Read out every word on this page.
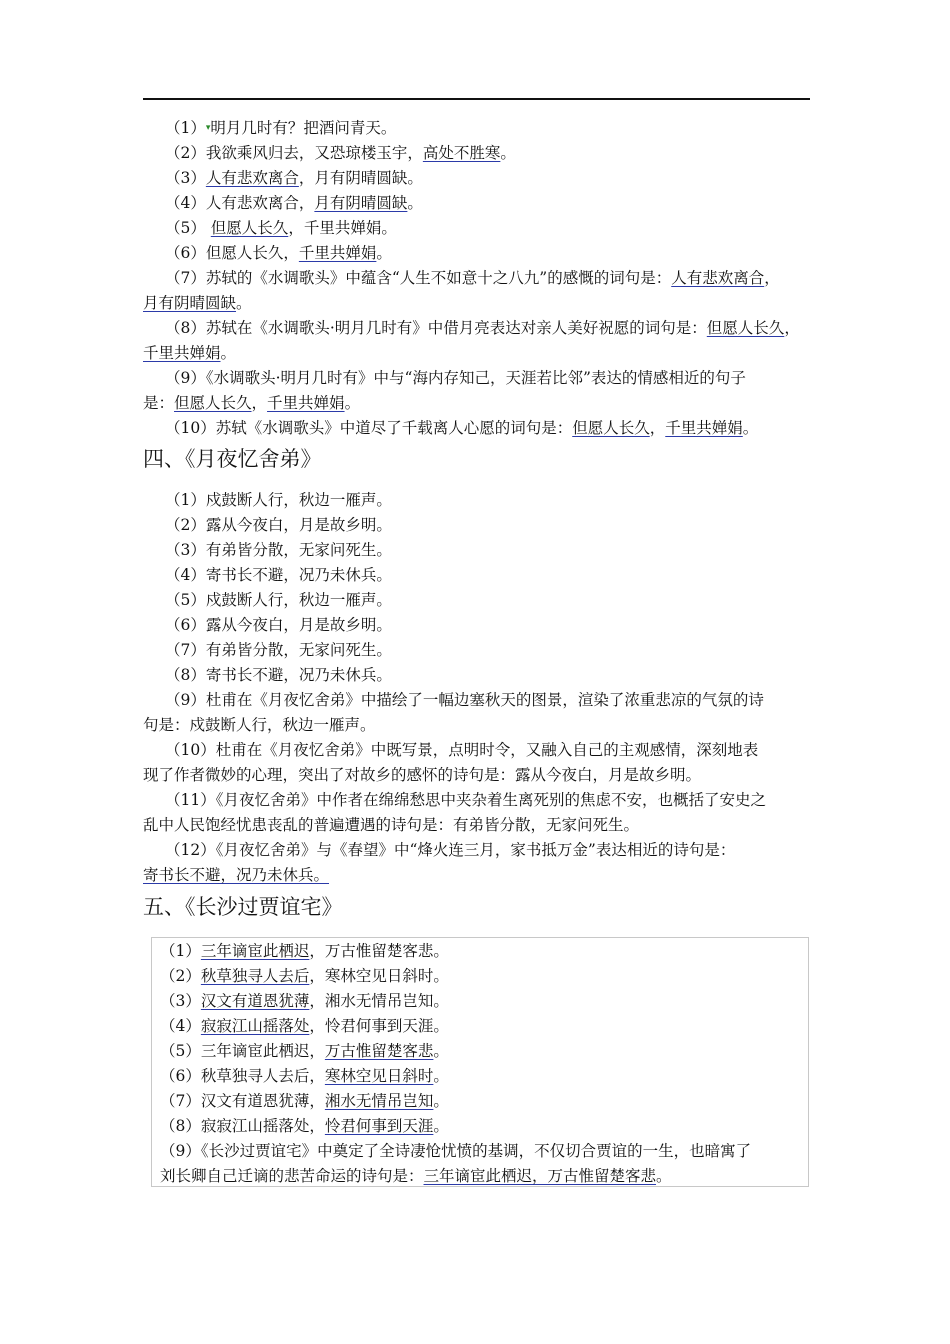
（1）▾明月几时有？把酒问青天。

（2）我欲乘风归去，又恐琼楼玉宇，高处不胜寒。

（3）人有悲欢离合，月有阴晴圆缺。

（4）人有悲欢离合，月有阴晴圆缺。

（5） 但愿人长久，千里共婵娟。

（6）但愿人长久，千里共婵娟。

（7）苏轼的《水调歌头》中蕴含“人生不如意十之八九”的感慨的词句是：人有悲欢离合，

月有阴晴圆缺。

（8）苏轼在《水调歌头·明月几时有》中借月亮表达对亲人美好祝愿的词句是：但愿人长久，

千里共婵娟。

（9）《水调歌头·明月几时有》中与“海内存知己，天涯若比邻”表达的情感相近的句子

是：但愿人长久，千里共婵娟。

（10）苏轼《水调歌头》中道尽了千载离人心愿的词句是：但愿人长久，千里共婵娟。

四、《月夜忆舍弟》

（1）戍鼓断人行，秋边一雁声。

（2）露从今夜白，月是故乡明。

（3）有弟皆分散，无家问死生。

（4）寄书长不避，况乃未休兵。

（5）戍鼓断人行，秋边一雁声。

（6）露从今夜白，月是故乡明。

（7）有弟皆分散，无家问死生。

（8）寄书长不避，况乃未休兵。

（9）杜甫在《月夜忆舍弟》中描绘了一幅边塞秋天的图景，渲染了浓重悲凉的气氛的诗

句是：戍鼓断人行，秋边一雁声。

（10）杜甫在《月夜忆舍弟》中既写景，点明时令，又融入自己的主观感情，深刻地表

现了作者微妙的心理，突出了对故乡的感怀的诗句是：露从今夜白，月是故乡明。

（11）《月夜忆舍弟》中作者在绵绵愁思中夹杂着生离死别的焦虑不安，也概括了安史之

乱中人民饱经忧患丧乱的普遍遭遇的诗句是：有弟皆分散，无家问死生。

（12）《月夜忆舍弟》与《春望》中“烽火连三月，家书抵万金”表达相近的诗句是：

寄书长不避，况乃未休兵。

五、《长沙过贾谊宅》

（1）三年谪宦此栖迟，万古惟留楚客悲。

（2）秋草独寻人去后，寒林空见日斜时。

（3）汉文有道恩犹薄，湘水无情吊岂知。

（4）寂寂江山摇落处，怜君何事到天涯。

（5）三年谪宦此栖迟，万古惟留楚客悲。

（6）秋草独寻人去后，寒林空见日斜时。

（7）汉文有道恩犹薄，湘水无情吊岂知。

（8）寂寂江山摇落处，怜君何事到天涯。

（9）《长沙过贾谊宅》中奠定了全诗凄怆忧愤的基调，不仅切合贾谊的一生，也暗寓了

刘长卿自己迁谪的悲苦命运的诗句是：三年谪宦此栖迟，万古惟留楚客悲。
